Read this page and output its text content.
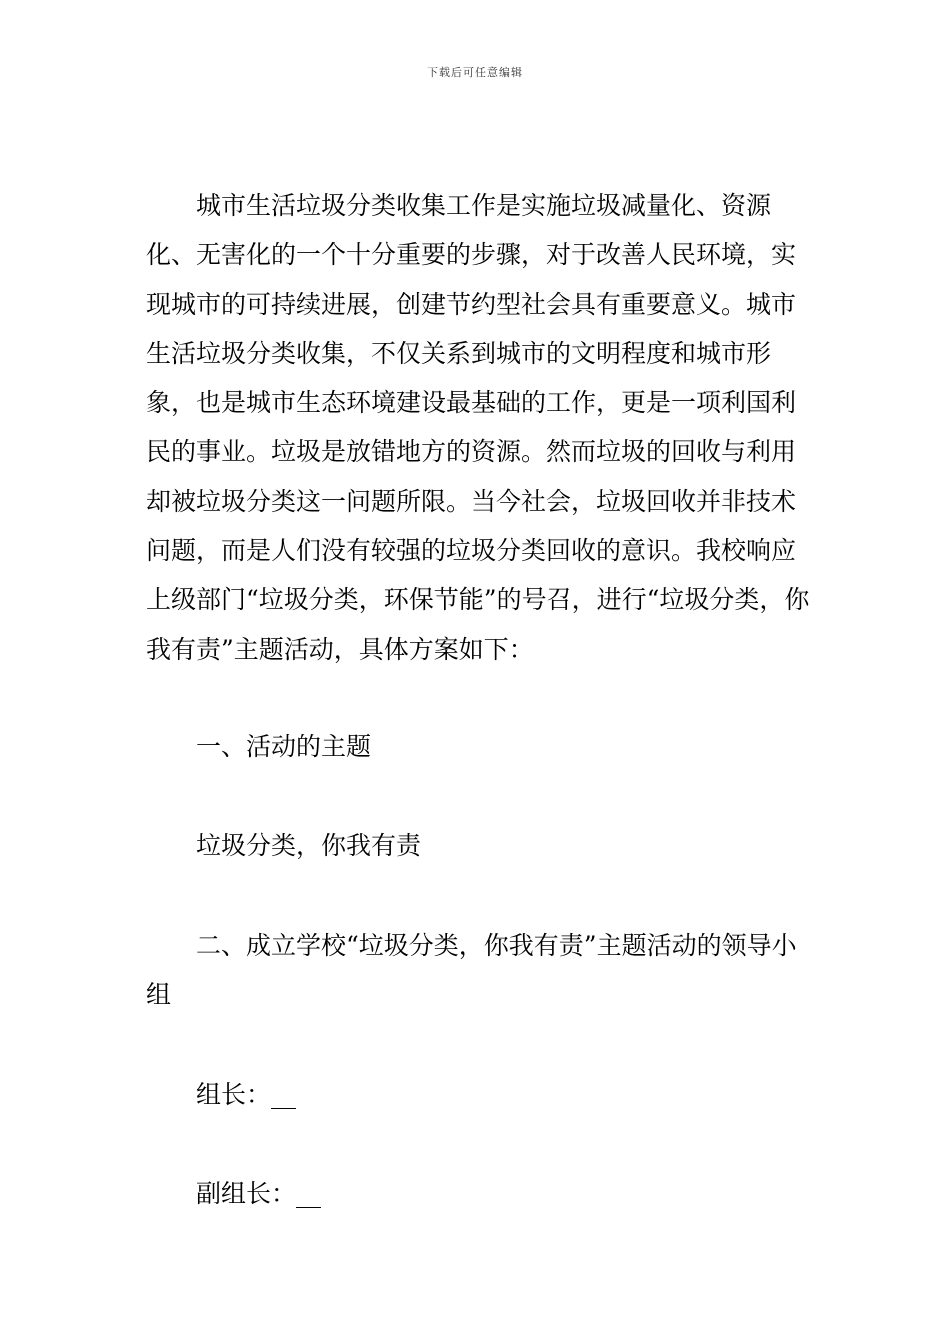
下载后可任意编辑

城市生活垃圾分类收集工作是实施垃圾减量化、资源化、无害化的一个十分重要的步骤，对于改善人民环境，实现城市的可持续进展，创建节约型社会具有重要意义。城市生活垃圾分类收集，不仅关系到城市的文明程度和城市形象，也是城市生态环境建设最基础的工作，更是一项利国利民的事业。垃圾是放错地方的资源。然而垃圾的回收与利用却被垃圾分类这一问题所限。当今社会，垃圾回收并非技术问题，而是人们没有较强的垃圾分类回收的意识。我校响应上级部门“垃圾分类，环保节能”的号召，进行“垃圾分类，你我有责”主题活动，具体方案如下：

一、活动的主题

垃圾分类，你我有责

二、成立学校“垃圾分类，你我有责”主题活动的领导小组

组长：__

副组长：__
